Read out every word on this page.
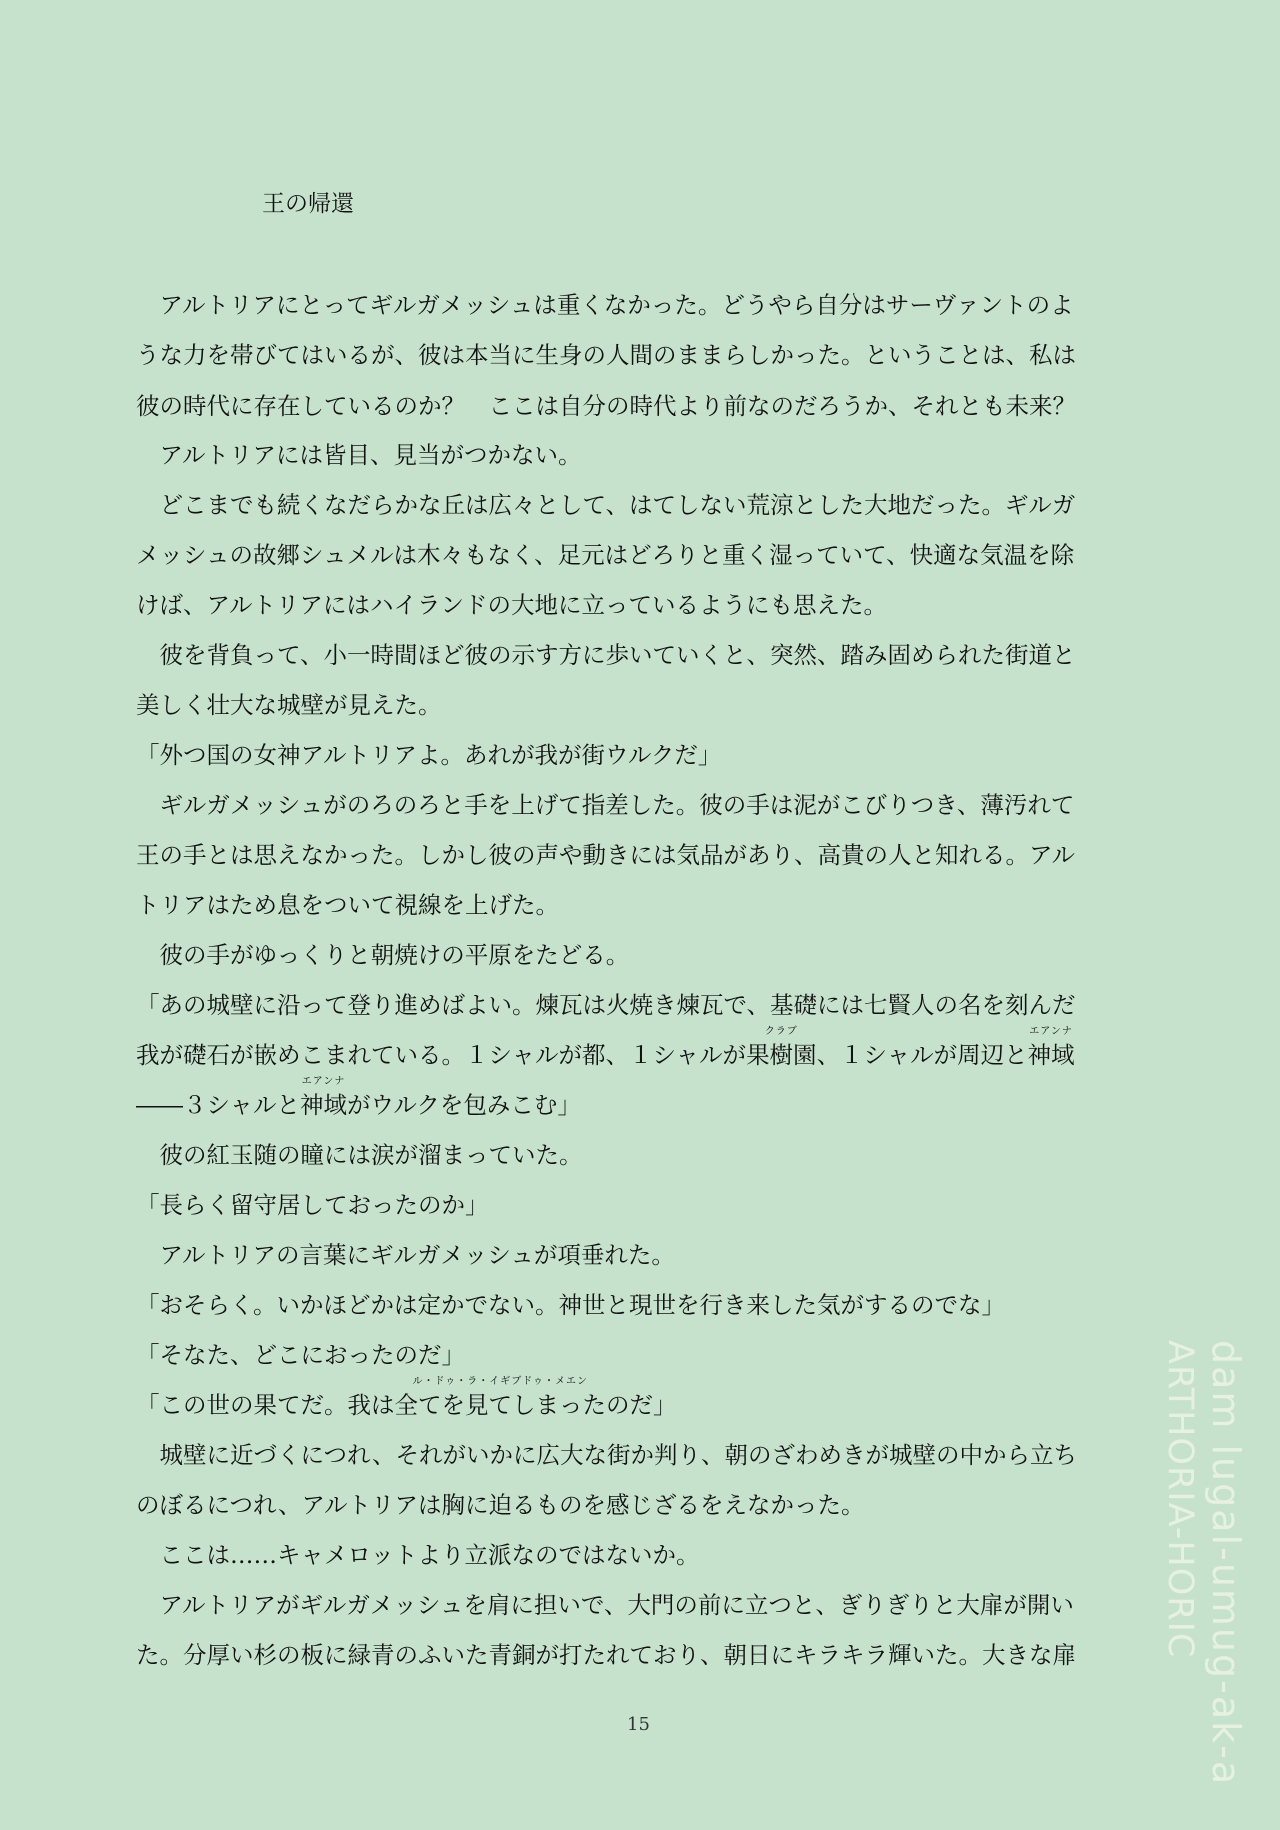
王の帰還
　アルトリアにとってギルガメッシュは重くなかった。どうやら自分はサーヴァントのよ
うな力を帯びてはいるが、彼は本当に生身の人間のままらしかった。ということは、私は
彼の時代に存在しているのか？　ここは自分の時代より前なのだろうか、それとも未来？
　アルトリアには皆目、見当がつかない。
　どこまでも続くなだらかな丘は広々として、はてしない荒涼とした大地だった。ギルガ
メッシュの故郷シュメルは木々もなく、足元はどろりと重く湿っていて、快適な気温を除
けば、アルトリアにはハイランドの大地に立っているようにも思えた。
　彼を背負って、小一時間ほど彼の示す方に歩いていくと、突然、踏み固められた街道と
美しく壮大な城壁が見えた。
「外つ国の女神アルトリアよ。あれが我が街ウルクだ」
　ギルガメッシュがのろのろと手を上げて指差した。彼の手は泥がこびりつき、薄汚れて
王の手とは思えなかった。しかし彼の声や動きには気品があり、高貴の人と知れる。アル
トリアはため息をついて視線を上げた。
　彼の手がゆっくりと朝焼けの平原をたどる。
「あの城壁に沿って登り進めばよい。煉瓦は火焼き煉瓦で、基礎には七賢人の名を刻んだ
我が礎石が嵌めこまれている。１シャルが都、１シャルが
クラブ
果樹園、１シャルが周辺と
エアンナ
神域
――３シャルと
エアンナ
神域がウルクを包みこむ」
　彼の紅玉随の瞳には涙が溜まっていた。
「長らく留守居しておったのか」
　アルトリアの言葉にギルガメッシュが項垂れた。
「おそらく。いかほどかは定かでない。神世と現世を行き来した気がするのでな」
「そなた、どこにおったのだ」
「この世の果てだ。
ル・ドゥ・ラ・イギブドゥ・メエン
我は全てを見てしまったのだ」
　城壁に近づくにつれ、それがいかに広大な街か判り、朝のざわめきが城壁の中から立ち
のぼるにつれ、アルトリアは胸に迫るものを感じざるをえなかった。
　ここは……キャメロットより立派なのではないか。
　アルトリアがギルガメッシュを肩に担いで、大門の前に立つと、ぎりぎりと大扉が開い
た。分厚い杉の板に緑青のふいた青銅が打たれており、朝日にキラキラ輝いた。大きな扉
15	dam lugal-umug-ak-a
ARTHORIA-HORIC
